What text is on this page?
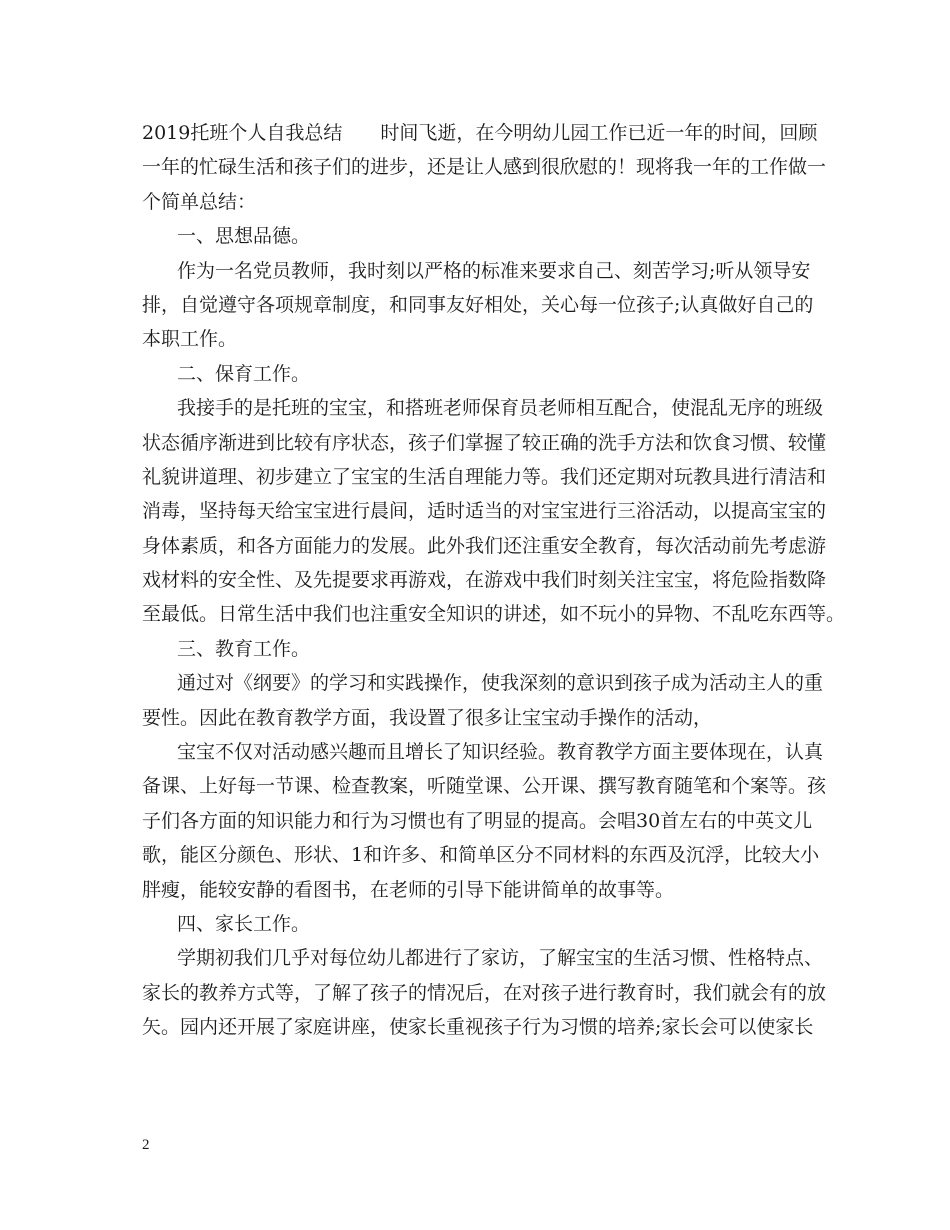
2019托班个人自我总结 时间飞逝，在今明幼儿园工作已近一年的时间，回顾
一年的忙碌生活和孩子们的进步，还是让人感到很欣慰的！现将我一年的工作做一
个简单总结：
一、思想品德。
作为一名党员教师，我时刻以严格的标准来要求自己、刻苦学习;听从领导安
排，自觉遵守各项规章制度，和同事友好相处，关心每一位孩子;认真做好自己的
本职工作。
二、保育工作。
我接手的是托班的宝宝，和搭班老师保育员老师相互配合，使混乱无序的班级
状态循序渐进到比较有序状态，孩子们掌握了较正确的洗手方法和饮食习惯、较懂
礼貌讲道理、初步建立了宝宝的生活自理能力等。我们还定期对玩教具进行清洁和
消毒，坚持每天给宝宝进行晨间，适时适当的对宝宝进行三浴活动，以提高宝宝的
身体素质，和各方面能力的发展。此外我们还注重安全教育，每次活动前先考虑游
戏材料的安全性、及先提要求再游戏，在游戏中我们时刻关注宝宝，将危险指数降
至最低。日常生活中我们也注重安全知识的讲述，如不玩小的异物、不乱吃东西等。
三、教育工作。
通过对《纲要》的学习和实践操作，使我深刻的意识到孩子成为活动主人的重
要性。因此在教育教学方面，我设置了很多让宝宝动手操作的活动，
宝宝不仅对活动感兴趣而且增长了知识经验。教育教学方面主要体现在，认真
备课、上好每一节课、检查教案，听随堂课、公开课、撰写教育随笔和个案等。孩
子们各方面的知识能力和行为习惯也有了明显的提高。会唱30首左右的中英文儿
歌，能区分颜色、形状、1和许多、和简单区分不同材料的东西及沉浮，比较大小
胖瘦，能较安静的看图书，在老师的引导下能讲简单的故事等。
四、家长工作。
学期初我们几乎对每位幼儿都进行了家访，了解宝宝的生活习惯、性格特点、
家长的教养方式等，了解了孩子的情况后，在对孩子进行教育时，我们就会有的放
矢。园内还开展了家庭讲座，使家长重视孩子行为习惯的培养;家长会可以使家长
2
